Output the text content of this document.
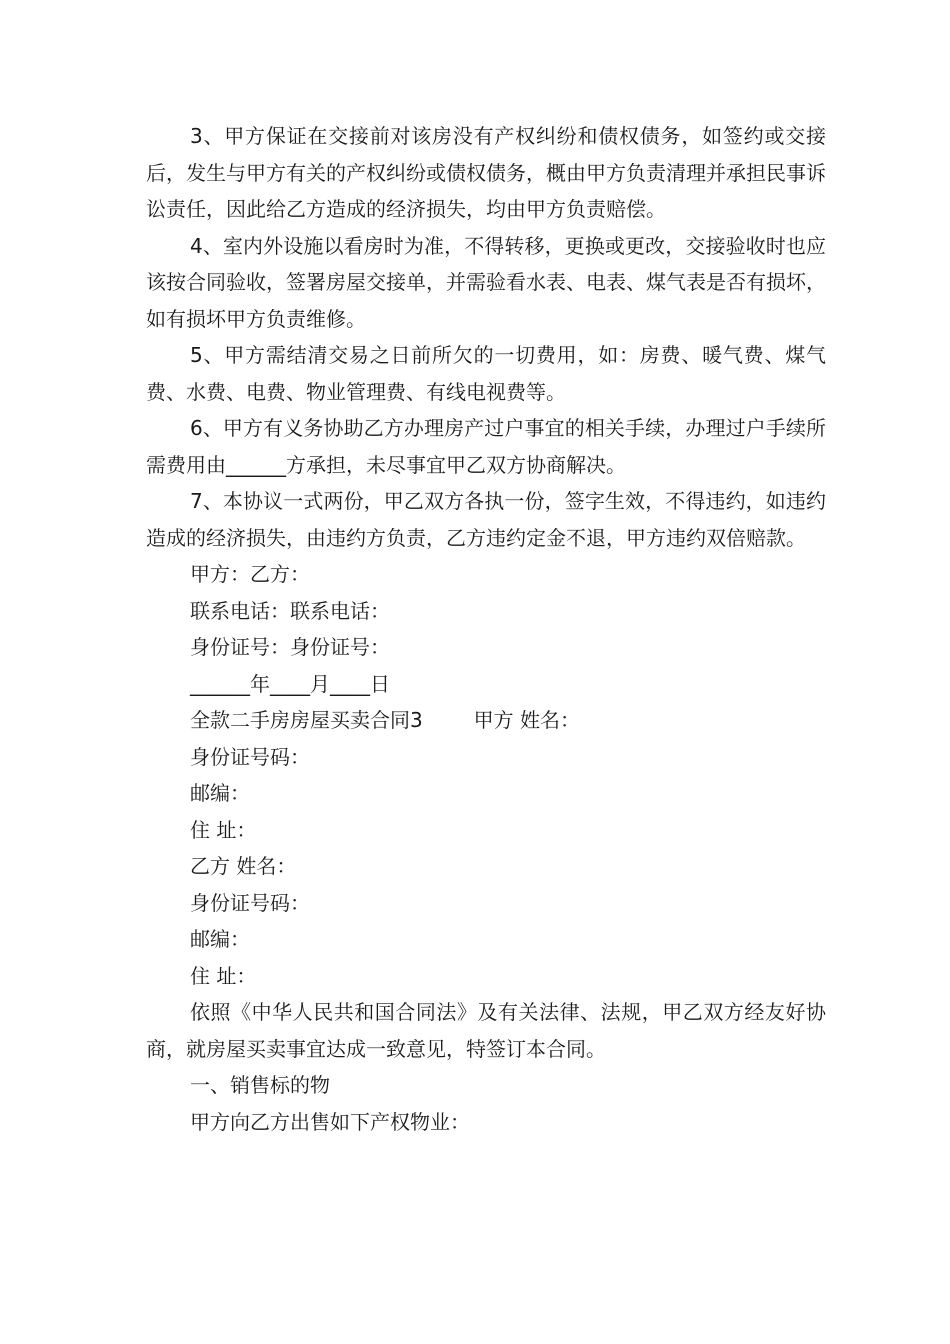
3、甲方保证在交接前对该房没有产权纠纷和债权债务，如签约或交接后，发生与甲方有关的产权纠纷或债权债务，概由甲方负责清理并承担民事诉讼责任，因此给乙方造成的经济损失，均由甲方负责赔偿。

4、室内外设施以看房时为准，不得转移，更换或更改，交接验收时也应该按合同验收，签署房屋交接单，并需验看水表、电表、煤气表是否有损坏，如有损坏甲方负责维修。

5、甲方需结清交易之日前所欠的一切费用，如：房费、暖气费、煤气费、水费、电费、物业管理费、有线电视费等。

6、甲方有义务协助乙方办理房产过户事宜的相关手续，办理过户手续所需费用由______方承担，未尽事宜甲乙双方协商解决。

7、本协议一式两份，甲乙双方各执一份，签字生效，不得违约，如违约造成的经济损失，由违约方负责，乙方违约定金不退，甲方违约双倍赔款。

甲方：乙方：

联系电话：联系电话：

身份证号：身份证号：

______年____月____日

全款二手房房屋买卖合同3        甲方 姓名：

身份证号码：

邮编：

住 址：

乙方 姓名：

身份证号码：

邮编：

住 址：

依照《中华人民共和国合同法》及有关法律、法规，甲乙双方经友好协商，就房屋买卖事宜达成一致意见，特签订本合同。

一、销售标的物

甲方向乙方出售如下产权物业：
